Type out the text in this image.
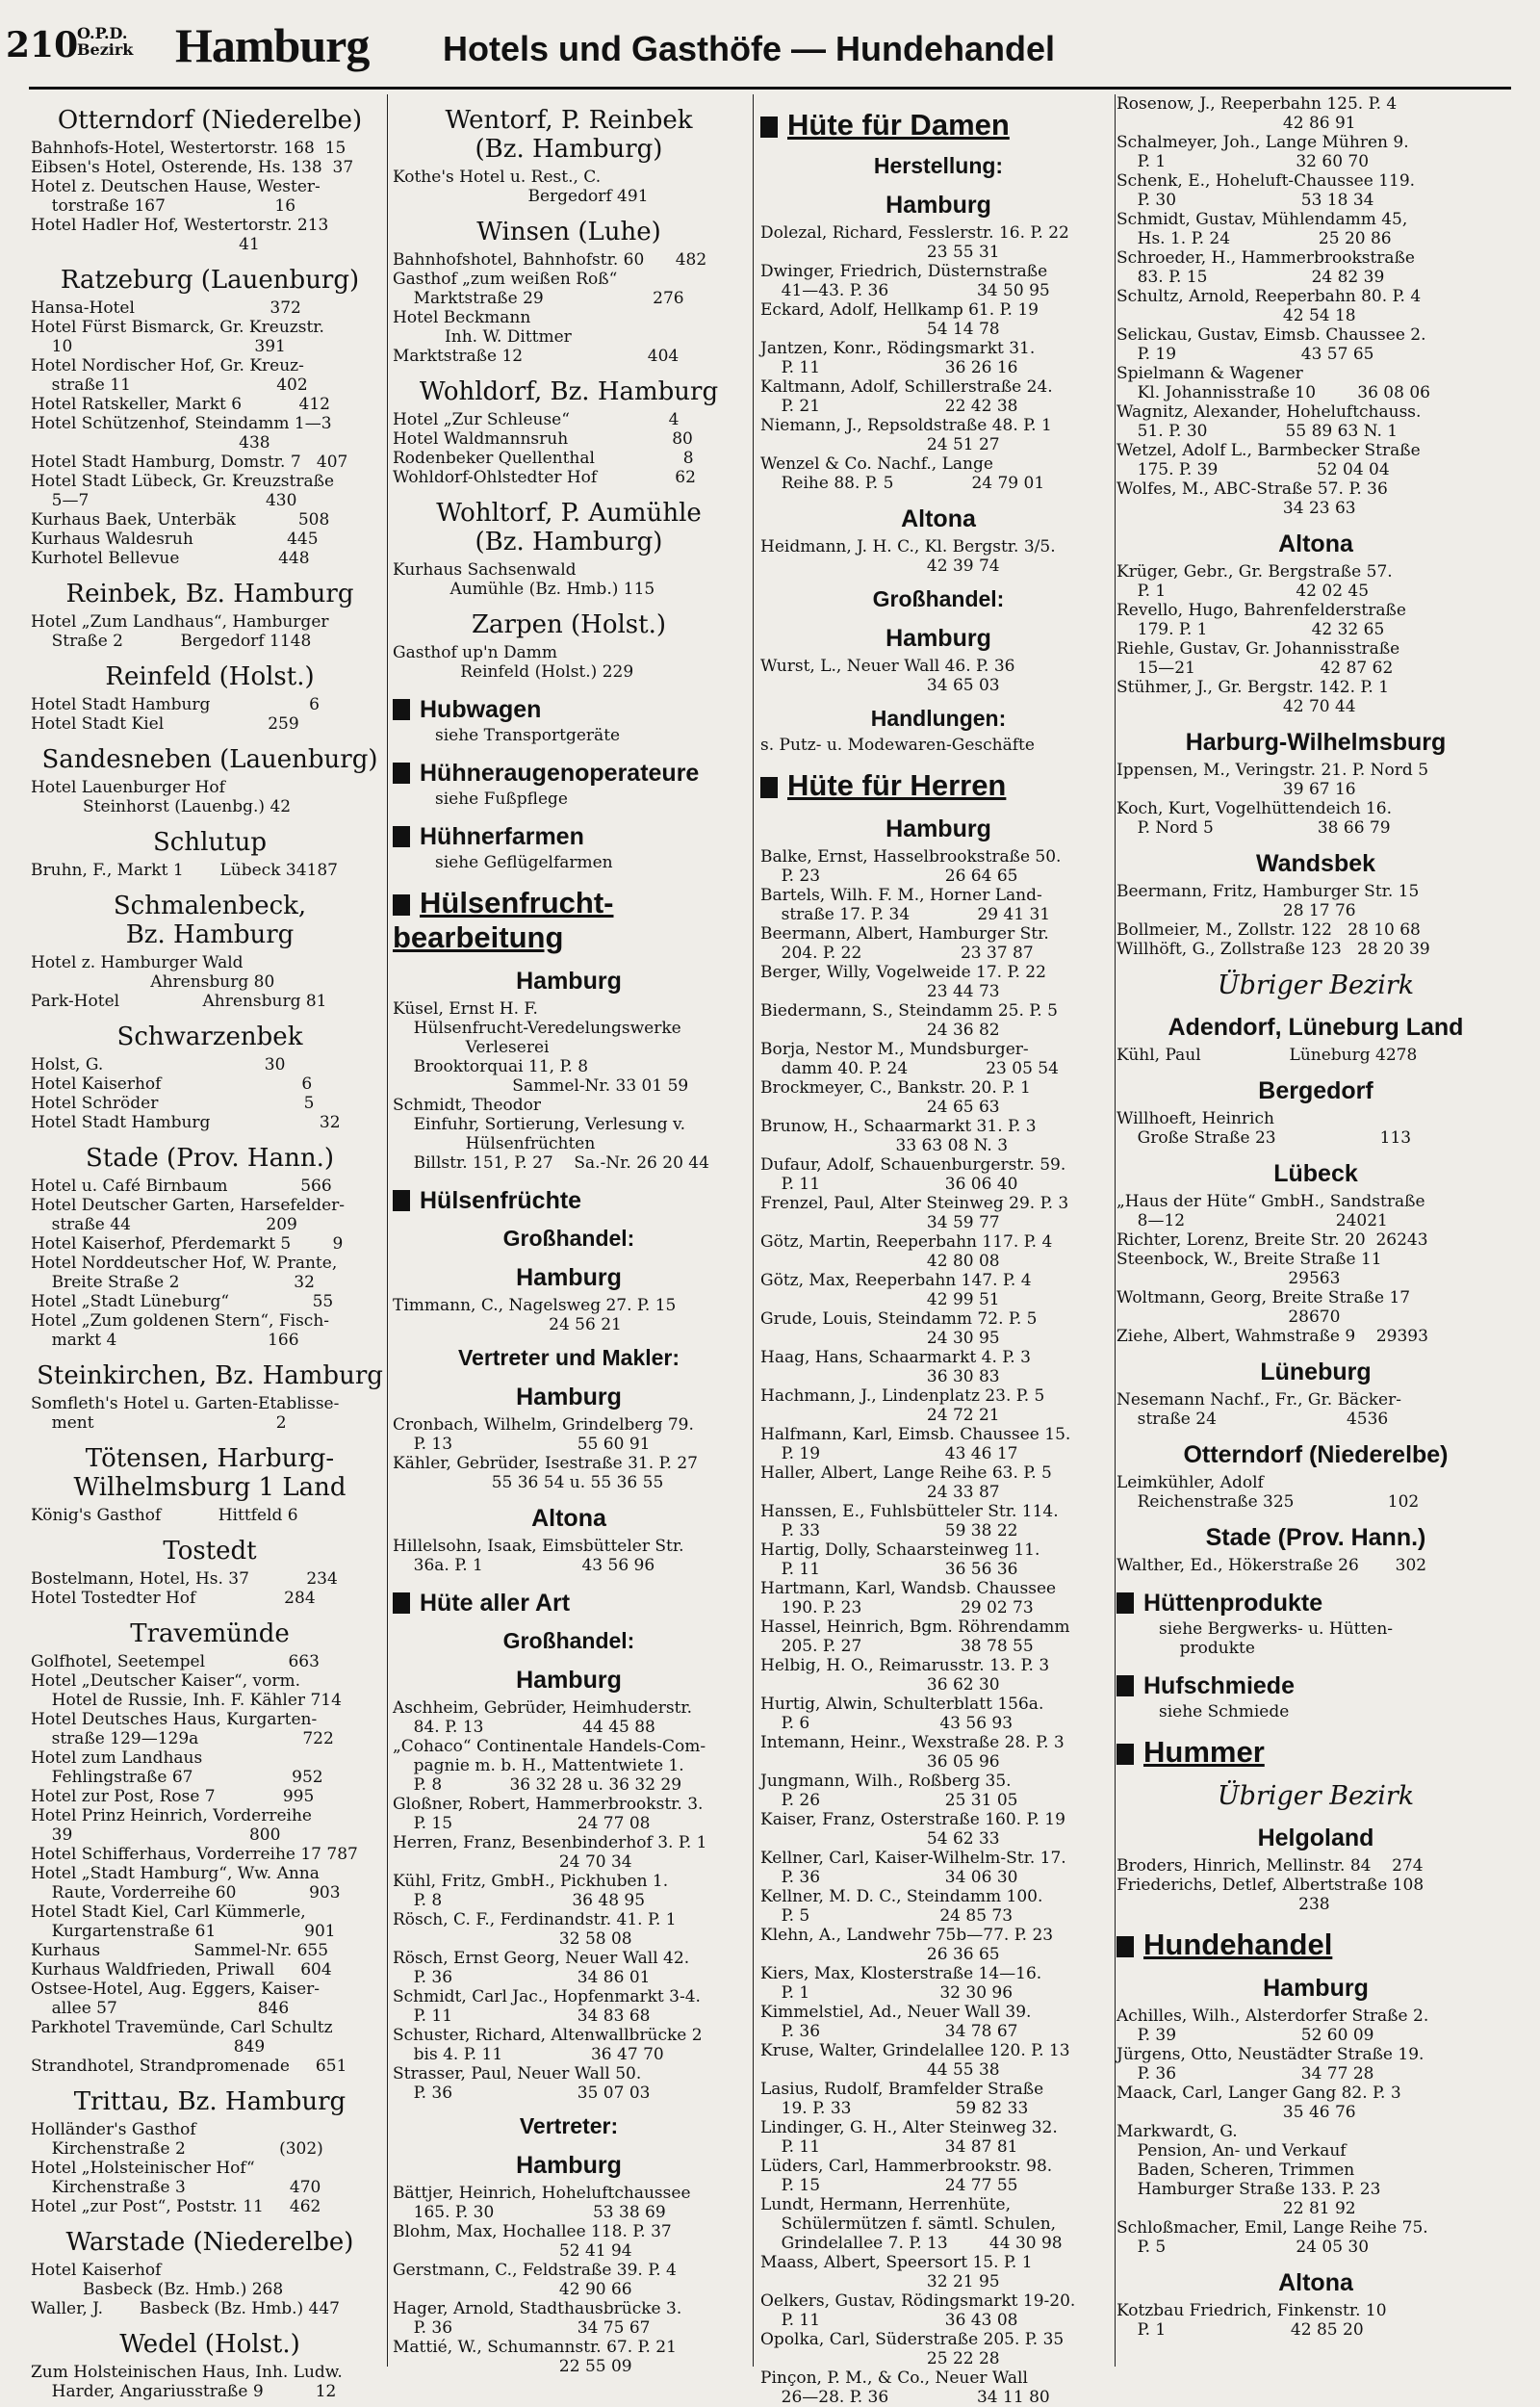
210
O.P.D.
Bezirk Hamburg Hotels und Gasthöfe — Hundehandel
Otterndorf (Niederelbe)
Bahnhofs-Hotel, Westertorstr. 168  15
Eibsen's Hotel, Osterende, Hs. 138  37
Hotel z. Deutschen Hause, Wester-
torstraße 167                     16
Hotel Hadler Hof, Westertorstr. 213
41
Ratzeburg (Lauenburg)
Hansa-Hotel                          372
Hotel Fürst Bismarck, Gr. Kreuzstr.
10                                   391
Hotel Nordischer Hof, Gr. Kreuz-
straße 11                            402
Hotel Ratskeller, Markt 6           412
Hotel Schützenhof, Steindamm 1—3
438
Hotel Stadt Hamburg, Domstr. 7   407
Hotel Stadt Lübeck, Gr. Kreuzstraße
5—7                                  430
Kurhaus Baek, Unterbäk            508
Kurhaus Waldesruh                  445
Kurhotel Bellevue                   448
Reinbek, Bz. Hamburg
Hotel „Zum Landhaus“, Hamburger
Straße 2           Bergedorf 1148
Reinfeld (Holst.)
Hotel Stadt Hamburg                   6
Hotel Stadt Kiel                    259
Sandesneben (Lauenburg)
Hotel Lauenburger Hof
Steinhorst (Lauenbg.) 42
Schlutup
Bruhn, F., Markt 1       Lübeck 34187
Schmalenbeck,
Bz. Hamburg
Hotel z. Hamburger Wald
Ahrensburg 80
Park-Hotel                Ahrensburg 81
Schwarzenbek
Holst, G.                               30
Hotel Kaiserhof                           6
Hotel Schröder                            5
Hotel Stadt Hamburg                     32
Stade (Prov. Hann.)
Hotel u. Café Birnbaum              566
Hotel Deutscher Garten, Harsefelder-
straße 44                          209
Hotel Kaiserhof, Pferdemarkt 5        9
Hotel Norddeutscher Hof, W. Prante,
Breite Straße 2                      32
Hotel „Stadt Lüneburg“                55
Hotel „Zum goldenen Stern“, Fisch-
markt 4                             166
Steinkirchen, Bz. Hamburg
Somfleth's Hotel u. Garten-Etablisse-
ment                                   2
Tötensen, Harburg-
Wilhelmsburg 1 Land
König's Gasthof           Hittfeld 6
Tostedt
Bostelmann, Hotel, Hs. 37           234
Hotel Tostedter Hof                 284
Travemünde
Golfhotel, Seetempel                663
Hotel „Deutscher Kaiser“, vorm.
Hotel de Russie, Inh. F. Kähler 714
Hotel Deutsches Haus, Kurgarten-
straße 129—129a                    722
Hotel zum Landhaus
Fehlingstraße 67                   952
Hotel zur Post, Rose 7             995
Hotel Prinz Heinrich, Vorderreihe
39                                  800
Hotel Schifferhaus, Vorderreihe 17 787
Hotel „Stadt Hamburg“, Ww. Anna
Raute, Vorderreihe 60              903
Hotel Stadt Kiel, Carl Kümmerle,
Kurgartenstraße 61                 901
Kurhaus                  Sammel-Nr. 655
Kurhaus Waldfrieden, Priwall     604
Ostsee-Hotel, Aug. Eggers, Kaiser-
allee 57                           846
Parkhotel Travemünde, Carl Schultz
849
Strandhotel, Strandpromenade     651
Trittau, Bz. Hamburg
Holländer's Gasthof
Kirchenstraße 2                  (302)
Hotel „Holsteinischer Hof“
Kirchenstraße 3                    470
Hotel „zur Post“, Poststr. 11     462
Warstade (Niederelbe)
Hotel Kaiserhof
Basbeck (Bz. Hmb.) 268
Waller, J.       Basbeck (Bz. Hmb.) 447
Wedel (Holst.)
Zum Holsteinischen Haus, Inh. Ludw.
Harder, Angariusstraße 9          12
Wentorf, P. Reinbek
(Bz. Hamburg)
Kothe's Hotel u. Rest., C.
Bergedorf 491
Winsen (Luhe)
Bahnhofshotel, Bahnhofstr. 60      482
Gasthof „zum weißen Roß“
Marktstraße 29                     276
Hotel Beckmann
Inh. W. Dittmer
Marktstraße 12                        404
Wohldorf, Bz. Hamburg
Hotel „Zur Schleuse“                   4
Hotel Waldmannsruh                    80
Rodenbeker Quellenthal                 8
Wohldorf-Ohlstedter Hof               62
Wohltorf, P. Aumühle
(Bz. Hamburg)
Kurhaus Sachsenwald
Aumühle (Bz. Hmb.) 115
Zarpen (Holst.)
Gasthof up'n Damm
Reinfeld (Holst.) 229
Hubwagen
siehe Transportgeräte
Hühneraugenoperateure
siehe Fußpflege
Hühnerfarmen
siehe Geflügelfarmen
Hülsenfrucht-
bearbeitung
Hamburg
Küsel, Ernst H. F.
Hülsenfrucht-Veredelungswerke
Verleserei
Brooktorquai 11, P. 8
Sammel-Nr. 33 01 59
Schmidt, Theodor
Einfuhr, Sortierung, Verlesung v.
Hülsenfrüchten
Billstr. 151, P. 27    Sa.-Nr. 26 20 44
Hülsenfrüchte
Großhandel:
Hamburg
Timmann, C., Nagelsweg 27. P. 15
24 56 21
Vertreter und Makler:
Hamburg
Cronbach, Wilhelm, Grindelberg 79.
P. 13                        55 60 91
Kähler, Gebrüder, Isestraße 31. P. 27
55 36 54 u. 55 36 55
Altona
Hillelsohn, Isaak, Eimsbütteler Str.
36a. P. 1                   43 56 96
Hüte aller Art
Großhandel:
Hamburg
Aschheim, Gebrüder, Heimhuderstr.
84. P. 13                   44 45 88
„Cohaco“ Continentale Handels-Com-
pagnie m. b. H., Mattentwiete 1.
P. 8             36 32 28 u. 36 32 29
Gloßner, Robert, Hammerbrookstr. 3.
P. 15                        24 77 08
Herren, Franz, Besenbinderhof 3. P. 1
24 70 34
Kühl, Fritz, GmbH., Pickhuben 1.
P. 8                         36 48 95
Rösch, C. F., Ferdinandstr. 41. P. 1
32 58 08
Rösch, Ernst Georg, Neuer Wall 42.
P. 36                        34 86 01
Schmidt, Carl Jac., Hopfenmarkt 3-4.
P. 11                        34 83 68
Schuster, Richard, Altenwallbrücke 2
bis 4. P. 11                 36 47 70
Strasser, Paul, Neuer Wall 50.
P. 36                        35 07 03
Vertreter:
Hamburg
Bättjer, Heinrich, Hoheluftchaussee
165. P. 30                   53 38 69
Blohm, Max, Hochallee 118. P. 37
52 41 94
Gerstmann, C., Feldstraße 39. P. 4
42 90 66
Hager, Arnold, Stadthausbrücke 3.
P. 36                        34 75 67
Mattié, W., Schumannstr. 67. P. 21
22 55 09
Hüte für Damen
Herstellung:
Hamburg
Dolezal, Richard, Fesslerstr. 16. P. 22
23 55 31
Dwinger, Friedrich, Düsternstraße
41—43. P. 36                 34 50 95
Eckard, Adolf, Hellkamp 61. P. 19
54 14 78
Jantzen, Konr., Rödingsmarkt 31.
P. 11                        36 26 16
Kaltmann, Adolf, Schillerstraße 24.
P. 21                        22 42 38
Niemann, J., Repsoldstraße 48. P. 1
24 51 27
Wenzel & Co. Nachf., Lange
Reihe 88. P. 5               24 79 01
Altona
Heidmann, J. H. C., Kl. Bergstr. 3/5.
42 39 74
Großhandel:
Hamburg
Wurst, L., Neuer Wall 46. P. 36
34 65 03
Handlungen:
s. Putz- u. Modewaren-Geschäfte
Hüte für Herren
Hamburg
Balke, Ernst, Hasselbrookstraße 50.
P. 23                        26 64 65
Bartels, Wilh. F. M., Horner Land-
straße 17. P. 34             29 41 31
Beermann, Albert, Hamburger Str.
204. P. 22                   23 37 87
Berger, Willy, Vogelweide 17. P. 22
23 44 73
Biedermann, S., Steindamm 25. P. 5
24 36 82
Borja, Nestor M., Mundsburger-
damm 40. P. 24               23 05 54
Brockmeyer, C., Bankstr. 20. P. 1
24 65 63
Brunow, H., Schaarmarkt 31. P. 3
33 63 08 N. 3
Dufaur, Adolf, Schauenburgerstr. 59.
P. 11                        36 06 40
Frenzel, Paul, Alter Steinweg 29. P. 3
34 59 77
Götz, Martin, Reeperbahn 117. P. 4
42 80 08
Götz, Max, Reeperbahn 147. P. 4
42 99 51
Grude, Louis, Steindamm 72. P. 5
24 30 95
Haag, Hans, Schaarmarkt 4. P. 3
36 30 83
Hachmann, J., Lindenplatz 23. P. 5
24 72 21
Halfmann, Karl, Eimsb. Chaussee 15.
P. 19                        43 46 17
Haller, Albert, Lange Reihe 63. P. 5
24 33 87
Hanssen, E., Fuhlsbütteler Str. 114.
P. 33                        59 38 22
Hartig, Dolly, Schaarsteinweg 11.
P. 11                        36 56 36
Hartmann, Karl, Wandsb. Chaussee
190. P. 23                   29 02 73
Hassel, Heinrich, Bgm. Röhrendamm
205. P. 27                   38 78 55
Helbig, H. O., Reimarusstr. 13. P. 3
36 62 30
Hurtig, Alwin, Schulterblatt 156a.
P. 6                         43 56 93
Intemann, Heinr., Wexstraße 28. P. 3
36 05 96
Jungmann, Wilh., Roßberg 35.
P. 26                        25 31 05
Kaiser, Franz, Osterstraße 160. P. 19
54 62 33
Kellner, Carl, Kaiser-Wilhelm-Str. 17.
P. 36                        34 06 30
Kellner, M. D. C., Steindamm 100.
P. 5                         24 85 73
Klehn, A., Landwehr 75b—77. P. 23
26 36 65
Kiers, Max, Klosterstraße 14—16.
P. 1                         32 30 96
Kimmelstiel, Ad., Neuer Wall 39.
P. 36                        34 78 67
Kruse, Walter, Grindelallee 120. P. 13
44 55 38
Lasius, Rudolf, Bramfelder Straße
19. P. 33                    59 82 33
Lindinger, G. H., Alter Steinweg 32.
P. 11                        34 87 81
Lüders, Carl, Hammerbrookstr. 98.
P. 15                        24 77 55
Lundt, Hermann, Herrenhüte,
Schülermützen f. sämtl. Schulen,
Grindelallee 7. P. 13        44 30 98
Maass, Albert, Speersort 15. P. 1
32 21 95
Oelkers, Gustav, Rödingsmarkt 19-20.
P. 11                        36 43 08
Opolka, Carl, Süderstraße 205. P. 35
25 22 28
Pinçon, P. M., & Co., Neuer Wall
26—28. P. 36                 34 11 80
Rosenow, J., Reeperbahn 125. P. 4
42 86 91
Schalmeyer, Joh., Lange Mühren 9.
P. 1                         32 60 70
Schenk, E., Hoheluft-Chaussee 119.
P. 30                        53 18 34
Schmidt, Gustav, Mühlendamm 45,
Hs. 1. P. 24                 25 20 86
Schroeder, H., Hammerbrookstraße
83. P. 15                    24 82 39
Schultz, Arnold, Reeperbahn 80. P. 4
42 54 18
Selickau, Gustav, Eimsb. Chaussee 2.
P. 19                        43 57 65
Spielmann & Wagener
Kl. Johannisstraße 10        36 08 06
Wagnitz, Alexander, Hoheluftchauss.
51. P. 30               55 89 63 N. 1
Wetzel, Adolf L., Barmbecker Straße
175. P. 39                   52 04 04
Wolfes, M., ABC-Straße 57. P. 36
34 23 63
Altona
Krüger, Gebr., Gr. Bergstraße 57.
P. 1                         42 02 45
Revello, Hugo, Bahrenfelderstraße
179. P. 1                    42 32 65
Riehle, Gustav, Gr. Johannisstraße
15—21                        42 87 62
Stühmer, J., Gr. Bergstr. 142. P. 1
42 70 44
Harburg-Wilhelmsburg
Ippensen, M., Veringstr. 21. P. Nord 5
39 67 16
Koch, Kurt, Vogelhüttendeich 16.
P. Nord 5                    38 66 79
Wandsbek
Beermann, Fritz, Hamburger Str. 15
28 17 76
Bollmeier, M., Zollstr. 122   28 10 68
Willhöft, G., Zollstraße 123   28 20 39
Übriger Bezirk
Adendorf, Lüneburg Land
Kühl, Paul                 Lüneburg 4278
Bergedorf
Willhoeft, Heinrich
Große Straße 23                    113
Lübeck
„Haus der Hüte“ GmbH., Sandstraße
8—12                             24021
Richter, Lorenz, Breite Str. 20  26243
Steenbock, W., Breite Straße 11
29563
Woltmann, Georg, Breite Straße 17
28670
Ziehe, Albert, Wahmstraße 9    29393
Lüneburg
Nesemann Nachf., Fr., Gr. Bäcker-
straße 24                         4536
Otterndorf (Niederelbe)
Leimkühler, Adolf
Reichenstraße 325                  102
Stade (Prov. Hann.)
Walther, Ed., Hökerstraße 26       302
Hüttenprodukte
siehe Bergwerks- u. Hütten-
produkte
Hufschmiede
siehe Schmiede
Hummer
Übriger Bezirk
Helgoland
Broders, Hinrich, Mellinstr. 84    274
Friederichs, Detlef, Albertstraße 108
238
Hundehandel
Hamburg
Achilles, Wilh., Alsterdorfer Straße 2.
P. 39                        52 60 09
Jürgens, Otto, Neustädter Straße 19.
P. 36                        34 77 28
Maack, Carl, Langer Gang 82. P. 3
35 46 76
Markwardt, G.
Pension, An- und Verkauf
Baden, Scheren, Trimmen
Hamburger Straße 133. P. 23
22 81 92
Schloßmacher, Emil, Lange Reihe 75.
P. 5                         24 05 30
Altona
Kotzbau Friedrich, Finkenstr. 10
P. 1                        42 85 20
